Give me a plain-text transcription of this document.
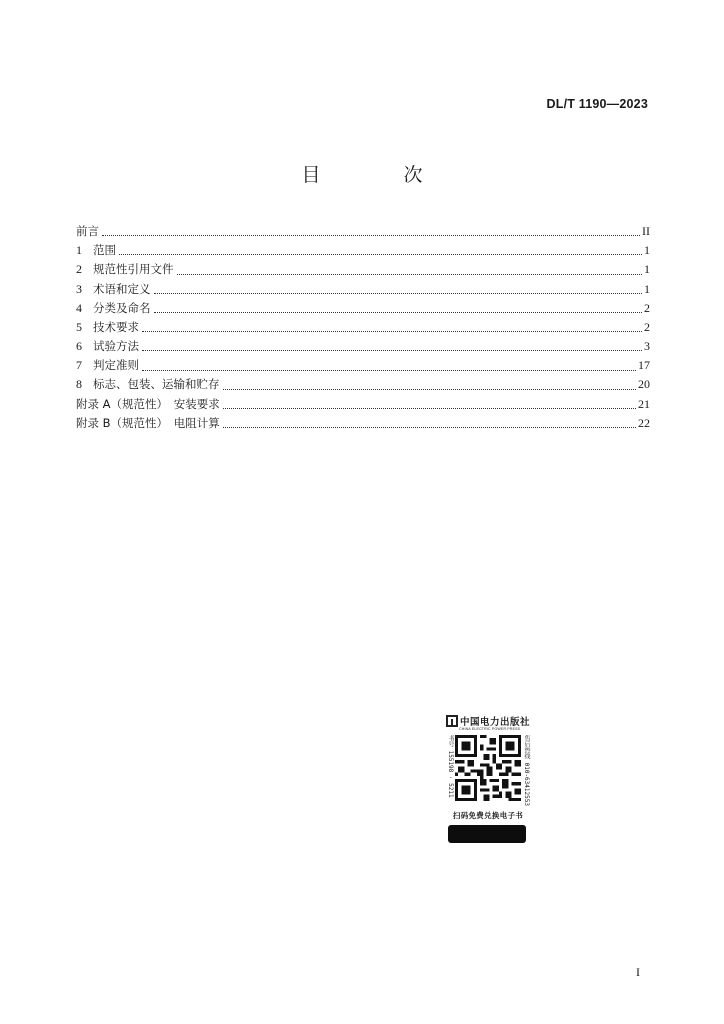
DL/T 1190—2023
目　次
前言	II
1 范围	1
2 规范性引用文件	1
3 术语和定义	1
4 分类及命名	2
5 技术要求	2
6 试验方法	3
7 判定准则	17
8 标志、包装、运输和贮存	20
附录 A（规范性）　安装要求	21
附录 B（规范性）　电阻计算	22
中国电力出版社
CHINA ELECTRIC POWER PRESS
书号 155198 · 5211	售后热线 010-63412553
扫码免费兑换电子书
I
